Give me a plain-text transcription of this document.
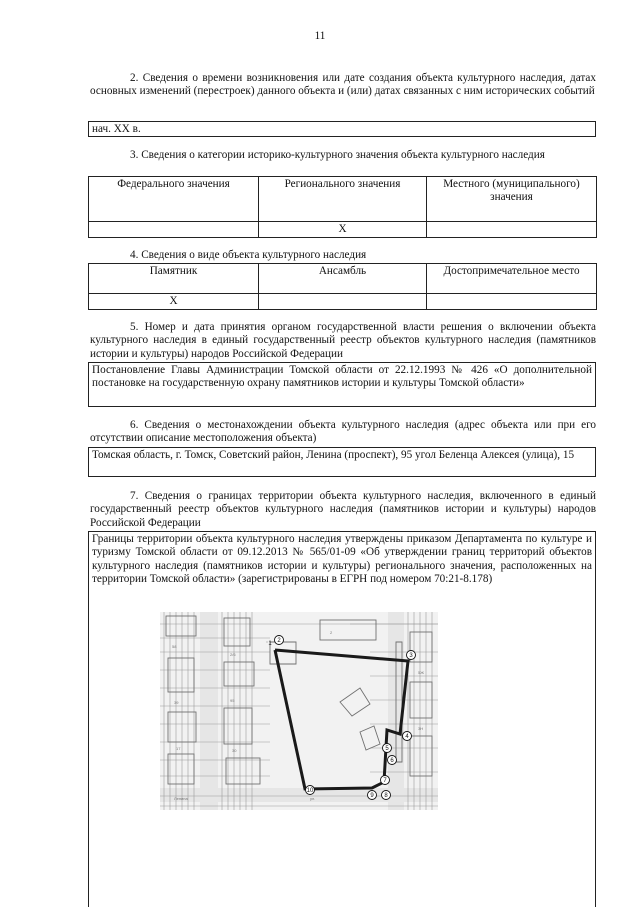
11
2. Сведения о времени возникновения или дате создания объекта культурного наследия, датах основных изменений (перестроек) данного объекта и (или) датах связанных с ним исторических событий
нач. XX в.
3. Сведения о категории историко-культурного значения объекта культурного наследия
Федерального значения	Регионального значения	Местного (муниципального) значения
	Х	
4. Сведения о виде объекта культурного наследия
Памятник	Ансамбль	Достопримечательное место
Х		
5. Номер и дата принятия органом государственной власти решения о включении объекта культурного наследия в единый государственный реестр объектов культурного наследия (памятников истории и культуры) народов Российской Федерации
Постановление Главы Администрации Томской области от 22.12.1993 № 426 «О дополнительной постановке на государственную охрану памятников истории и культуры Томской области»
6. Сведения о местонахождении объекта культурного наследия (адрес объекта или при его отсутствии описание местоположения объекта)
Томская область, г. Томск, Советский район, Ленина (проспект), 95 угол Беленца Алексея (улица), 15
7. Сведения о границах территории объекта культурного наследия, включенного в единый государственный реестр объектов культурного наследия (памятников истории и культуры) народов Российской Федерации
Границы территории объекта культурного наследия утверждены приказом Департамента по культуре и туризму Томской области от 09.12.2013 № 565/01-09 «Об утверждении границ территорий объектов культурного наследия (памятников истории и культуры) регионального значения, расположенных на территории Томской области» (зарегистрированы в ЕГРН под номером 70:21-8.178)
58
2/6
39	95
17	30
5Ж
3Н
2
Ленина	ул.
2
3
4
5
6
7
8
9
10
1
